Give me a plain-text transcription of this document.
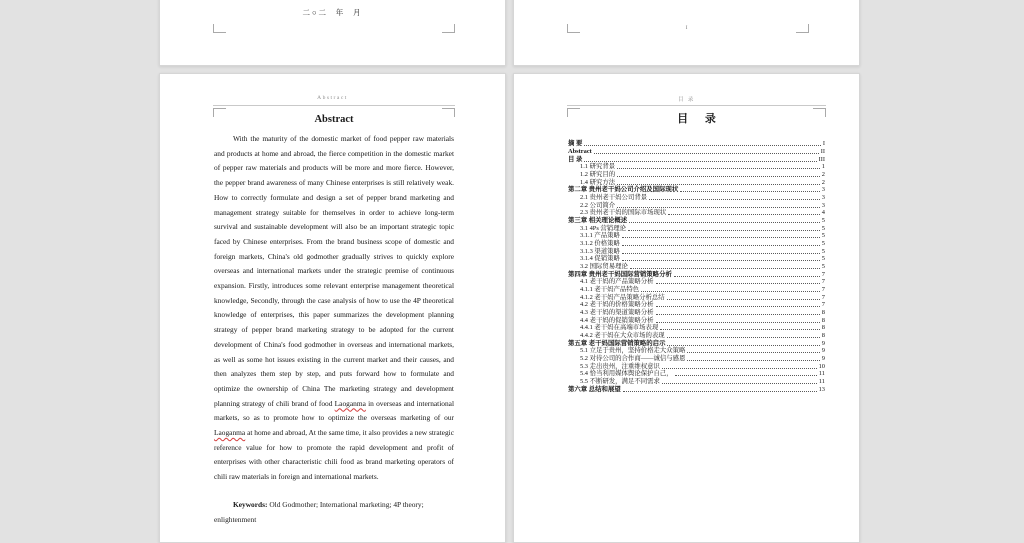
二○二  年  月
I
Abstract
Abstract

With the maturity of the domestic market of food pepper raw materials and products at home and abroad, the fierce competition in the domestic market of pepper raw materials and products will be more and more fierce. However, the pepper brand awareness of many Chinese enterprises is still relatively weak. How to correctly formulate and design a set of pepper brand marketing and management strategy suitable for themselves in order to achieve long-term survival and sustainable development will also be an important strategic topic faced by Chinese enterprises. From the brand business scope of domestic and foreign markets, China's old godmother gradually strives to quickly explore overseas and international markets under the strategic premise of continuous expansion. Firstly, introduces some relevant enterprise management theoretical knowledge, Secondly, through the case analysis of how to use the 4P theoretical knowledge of enterprises, this paper summarizes the development planning strategy of pepper brand marketing strategy to be adopted for the current development of China's food godmother in overseas and international markets, as well as some hot issues existing in the current market and their causes, and then analyzes them step by step, and puts forward how to formulate and optimize the ownership of China The marketing strategy and development planning strategy of chili brand of food Laoganma in overseas and international markets, so as to promote how to optimize the overseas marketing of our Laoganma at home and abroad, At the same time, it also provides a new strategic reference value for how to promote the rapid development and profit of enterprises with other characteristic chili food as brand marketing operators of chili raw materials in foreign and international markets.

Keywords: Old Godmother; International marketing; 4P theory; enlightenment

目 录
目 录
摘 要	I
Abstract	II
目 录	III
1.1 研究背景	1
1.2 研究目的	2
1.4 研究方法	2
第二章 贵州老干妈公司介绍及国际现状	3
2.1 贵州老干妈公司背景	3
2.2 公司简介	3
2.3 贵州老干妈的国际市场现状	4
第三章 相关理论概述	5
3.1 4Ps 营销理论	5
3.1.1 产品策略	5
3.1.2 价格策略	5
3.1.3 渠道策略	5
3.1.4 促销策略	5
3.2 国际贸易理论	5
第四章 贵州老干妈国际营销策略分析	7
4.1 老干妈的产品策略分析	7
4.1.1 老干妈产品特色	7
4.1.2 老干妈产品策略分析总结	7
4.2 老干妈的价格策略分析	7
4.3 老干妈的渠道策略分析	8
4.4 老干妈的促销策略分析	8
4.4.1 老干妈在高端市场表现	8
4.4.2 老干妈在大众市场的表现	8
第五章 老干妈国际营销策略的启示	9
5.1 立足于贵州，坚持价格走大众策略	9
5.2 对待公司的合作商——诚信与感恩	9
5.3 走出贵州，注重维权意识	10
5.4 恰当利用媒体舆论保护自己，	11
5.5 不断研发，满足不同需求	11
第六章 总结和展望	13
